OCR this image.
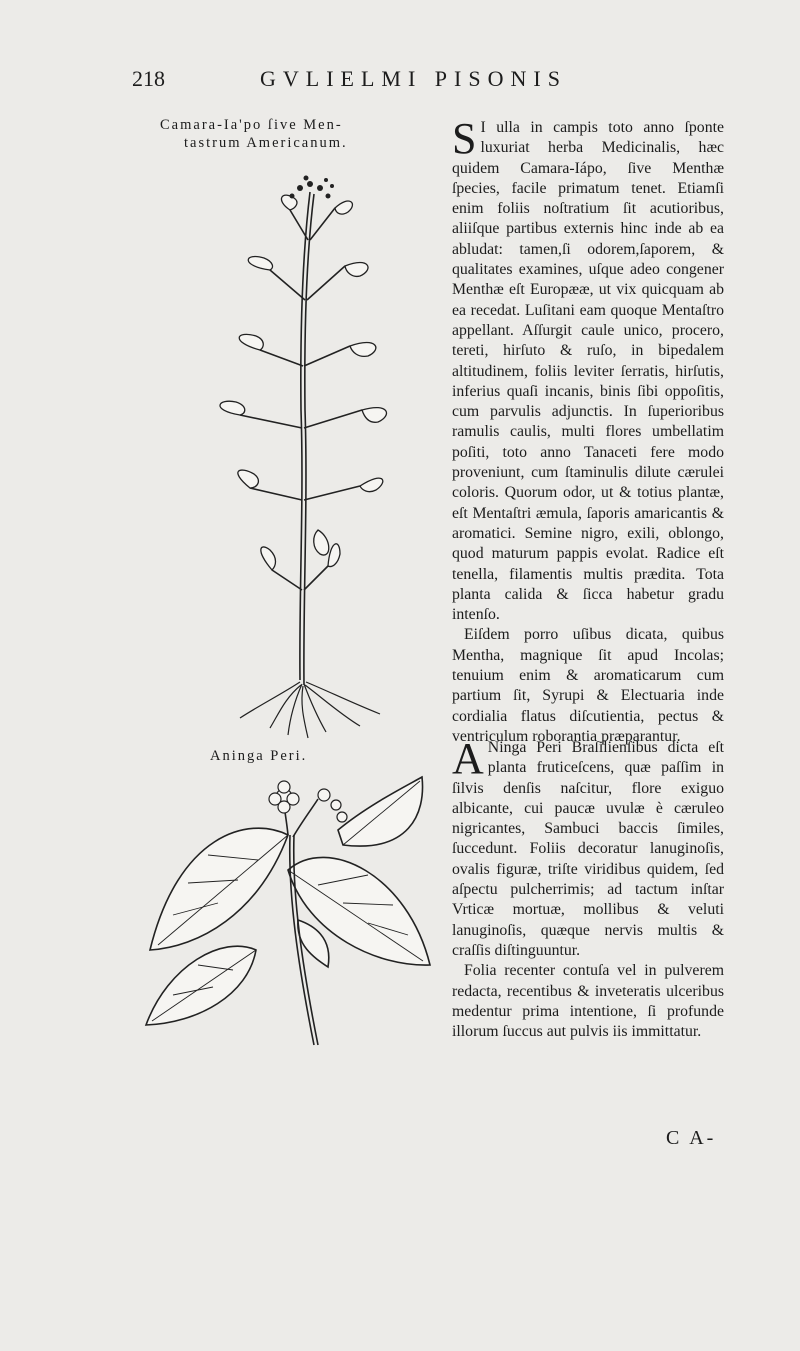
218	GVLIELMI PISONIS
Camara-Ia'po ſive Men-
tastrum Americanum.
Aninga Peri.

S I ulla in campis toto anno ſponte luxuriat herba Medicinalis, hæc quidem Camara-Iápo, ſive Menthæ ſpecies, facile primatum tenet. Etiamſi enim foliis noſtratium ſit acutioribus, aliiſque partibus externis hinc inde ab ea abludat: tamen,ſi odorem,ſaporem, & qualitates examines, uſque adeo congener Menthæ eſt Europææ, ut vix quicquam ab ea recedat. Luſitani eam quoque Mentaſtro appellant. Aſſurgit caule unico, procero, tereti, hirſuto & ruſo, in bipedalem altitudinem, foliis leviter ſerratis, hirſutis, inferius quaſi incanis, binis ſibi oppoſitis, cum parvulis adjunctis. In ſuperioribus ramulis caulis, multi flores umbellatim poſiti, toto anno Tanaceti fere modo proveniunt, cum ſtaminulis dilute cærulei coloris. Quorum odor, ut & totius plantæ, eſt Mentaſtri æmula, ſaporis amaricantis & aromatici. Semine nigro, exili, oblongo, quod maturum pappis evolat. Radice eſt tenella, filamentis multis prædita. Tota planta calida & ſicca habetur gradu intenſo.

Eiſdem porro uſibus dicata, quibus Mentha, magnique ſit apud Incolas; tenuium enim & aromaticarum cum partium ſit, Syrupi & Electuaria inde cordialia flatus diſcutientia, pectus & ventriculum roborantia præparantur.

A Ninga Peri Braſilienſibus dicta eſt planta fruticeſcens, quæ paſſim in ſilvis denſis naſcitur, flore exiguo albicante, cui paucæ uvulæ è cæruleo nigricantes, Sambuci baccis ſimiles, ſuccedunt. Foliis decoratur lanuginoſis, ovalis figuræ, triſte viridibus quidem, ſed aſpectu pulcherrimis; ad tactum inſtar Vrticæ mortuæ, mollibus & veluti lanuginoſis, quæque nervis multis & craſſis diſtinguuntur.

Folia recenter contuſa vel in pulverem redacta, recentibus & inveteratis ulceribus medentur prima intentione, ſi profunde illorum ſuccus aut pulvis iis immittatur.

C A-
